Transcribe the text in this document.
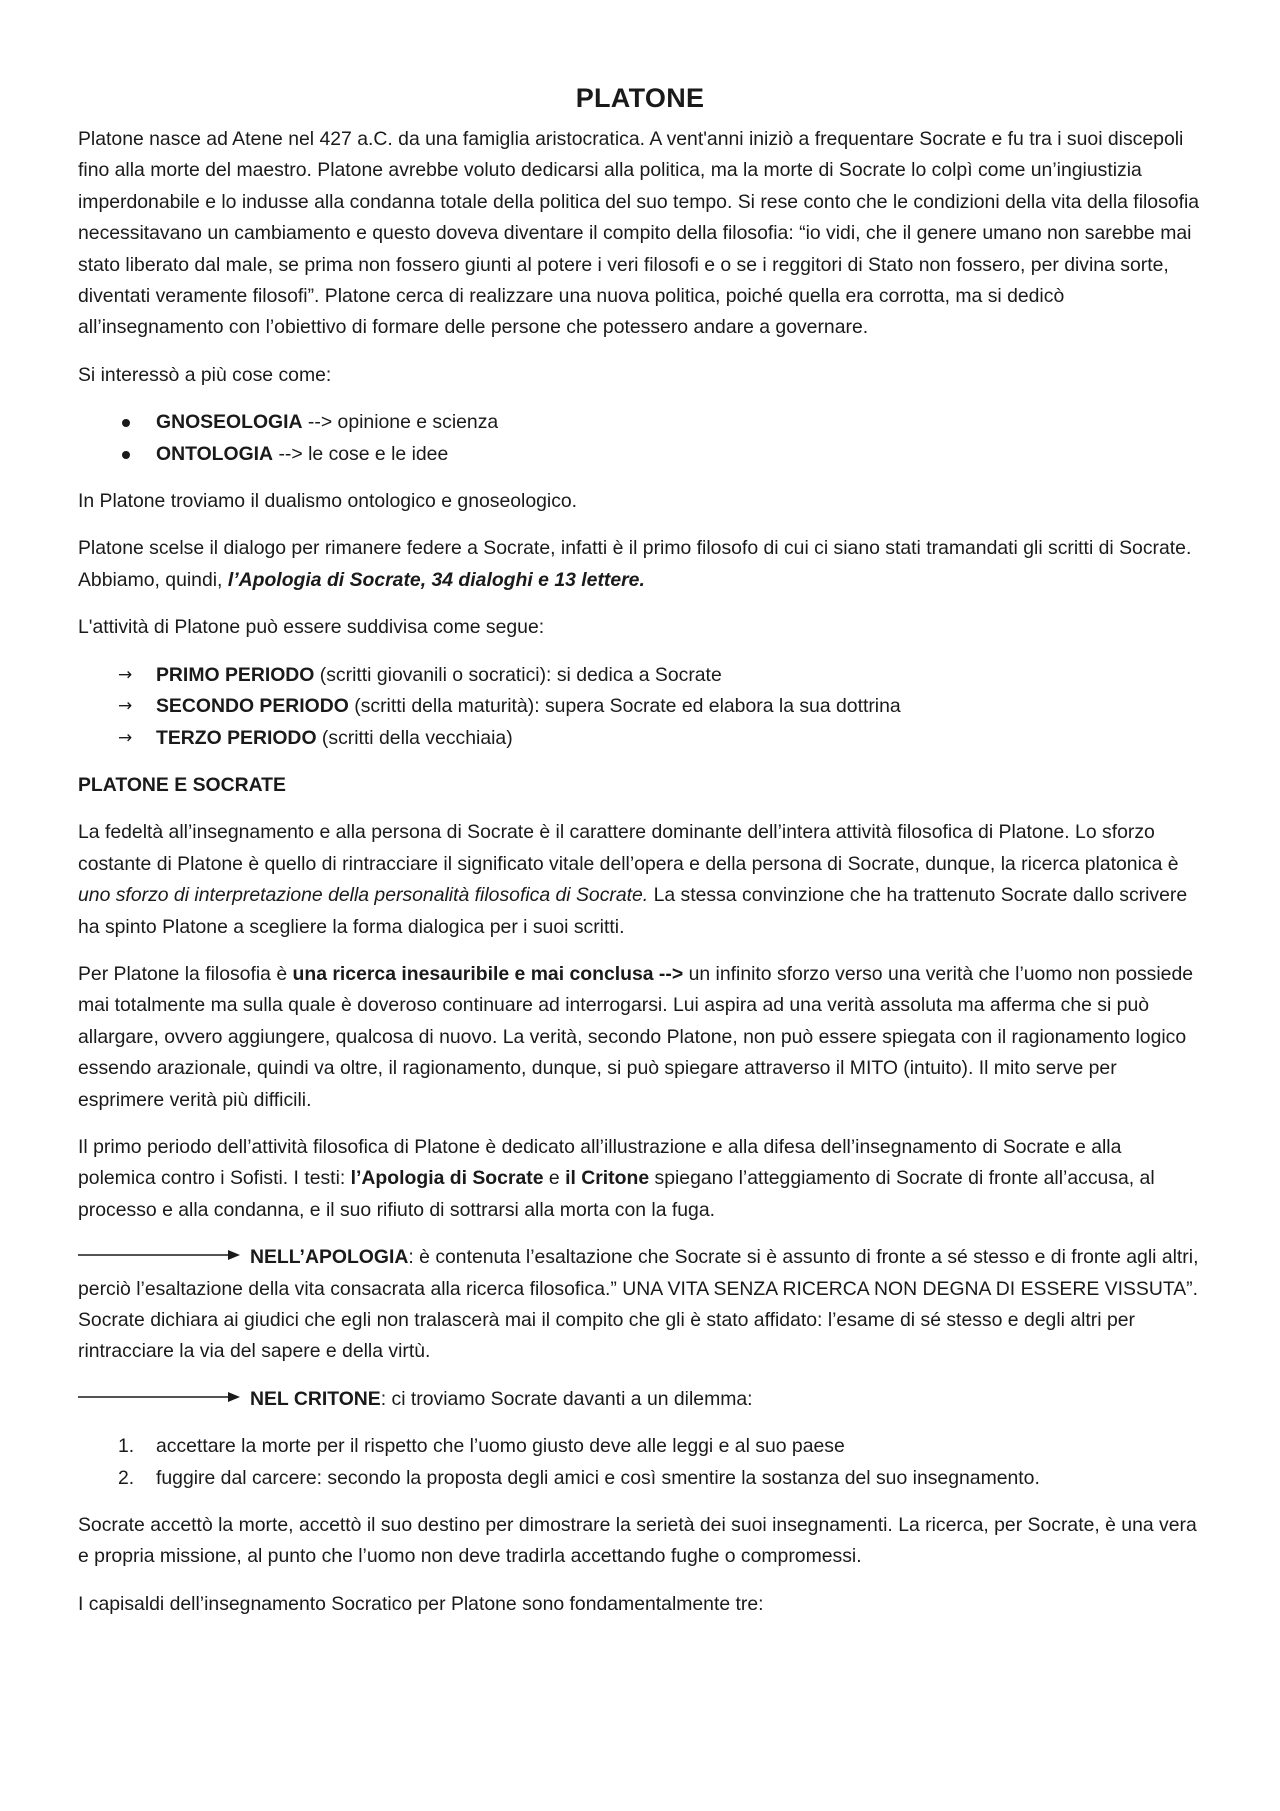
PLATONE

Platone nasce ad Atene nel 427 a.C. da una famiglia aristocratica. A vent'anni iniziò a frequentare Socrate e fu tra i suoi discepoli fino alla morte del maestro. Platone avrebbe voluto dedicarsi alla politica, ma la morte di Socrate lo colpì come un’ingiustizia imperdonabile e lo indusse alla condanna totale della politica del suo tempo. Si rese conto che le condizioni della vita della filosofia necessitavano un cambiamento e questo doveva diventare il compito della filosofia: “io vidi, che il genere umano non sarebbe mai stato liberato dal male, se prima non fossero giunti al potere i veri filosofi e o se i reggitori di Stato non fossero, per divina sorte, diventati veramente filosofi”. Platone cerca di realizzare una nuova politica, poiché quella era corrotta, ma si dedicò all’insegnamento con l’obiettivo di formare delle persone che potessero andare a governare.

Si interessò a più cose come:

GNOSEOLOGIA --> opinione e scienza
ONTOLOGIA --> le cose e le idee

In Platone troviamo il dualismo ontologico e gnoseologico.

Platone scelse il dialogo per rimanere federe a Socrate, infatti è il primo filosofo di cui ci siano stati tramandati gli scritti di Socrate. Abbiamo, quindi, l’Apologia di Socrate, 34 dialoghi e 13 lettere.

L'attività di Platone può essere suddivisa come segue:

→ PRIMO PERIODO (scritti giovanili o socratici): si dedica a Socrate
→ SECONDO PERIODO (scritti della maturità): supera Socrate ed elabora la sua dottrina
→ TERZO PERIODO (scritti della vecchiaia)
PLATONE E SOCRATE

La fedeltà all’insegnamento e alla persona di Socrate è il carattere dominante dell’intera attività filosofica di Platone. Lo sforzo costante di Platone è quello di rintracciare il significato vitale dell’opera e della persona di Socrate, dunque, la ricerca platonica è uno sforzo di interpretazione della personalità filosofica di Socrate. La stessa convinzione che ha trattenuto Socrate dallo scrivere ha spinto Platone a scegliere la forma dialogica per i suoi scritti.

Per Platone la filosofia è una ricerca inesauribile e mai conclusa --> un infinito sforzo verso una verità che l’uomo non possiede mai totalmente ma sulla quale è doveroso continuare ad interrogarsi. Lui aspira ad una verità assoluta ma afferma che si può allargare, ovvero aggiungere, qualcosa di nuovo. La verità, secondo Platone, non può essere spiegata con il ragionamento logico essendo arazionale, quindi va oltre, il ragionamento, dunque, si può spiegare attraverso il MITO (intuito). Il mito serve per esprimere verità più difficili.

Il primo periodo dell’attività filosofica di Platone è dedicato all’illustrazione e alla difesa dell’insegnamento di Socrate e alla polemica contro i Sofisti. I testi: l’Apologia di Socrate e il Critone spiegano l’atteggiamento di Socrate di fronte all’accusa, al processo e alla condanna, e il suo rifiuto di sottrarsi alla morta con la fuga.

NELL’APOLOGIA: è contenuta l’esaltazione che Socrate si è assunto di fronte a sé stesso e di fronte agli altri, perciò l’esaltazione della vita consacrata alla ricerca filosofica.” UNA VITA SENZA RICERCA NON DEGNA DI ESSERE VISSUTA”. Socrate dichiara ai giudici che egli non tralascerà mai il compito che gli è stato affidato: l’esame di sé stesso e degli altri per rintracciare la via del sapere e della virtù.

NEL CRITONE: ci troviamo Socrate davanti a un dilemma:

1. accettare la morte per il rispetto che l’uomo giusto deve alle leggi e al suo paese
2. fuggire dal carcere: secondo la proposta degli amici e così smentire la sostanza del suo insegnamento.

Socrate accettò la morte, accettò il suo destino per dimostrare la serietà dei suoi insegnamenti. La ricerca, per Socrate, è una vera e propria missione, al punto che l’uomo non deve tradirla accettando fughe o compromessi.

I capisaldi dell’insegnamento Socratico per Platone sono fondamentalmente tre:
